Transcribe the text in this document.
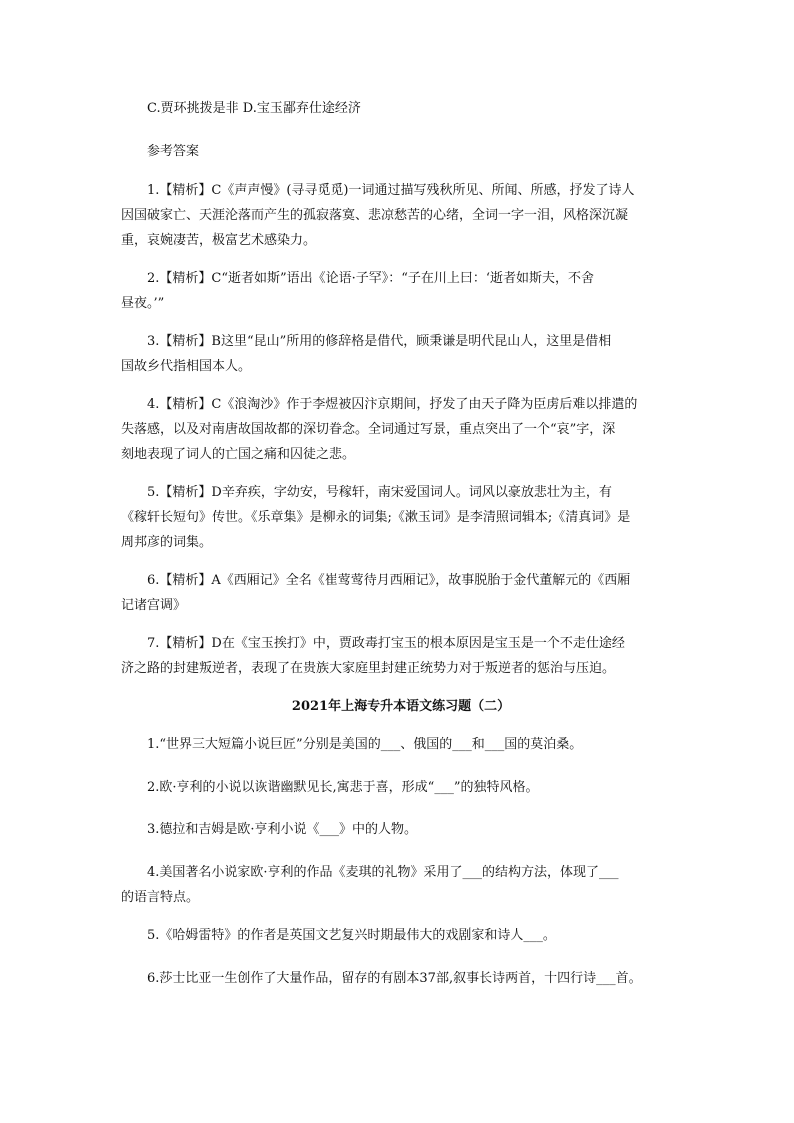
C.贾环挑拨是非 D.宝玉鄙弃仕途经济
参考答案
1.【精析】C《声声慢》(寻寻觅觅)一词通过描写残秋所见、所闻、所感，抒发了诗人
因国破家亡、天涯沦落而产生的孤寂落寞、悲凉愁苦的心绪，全词一字一泪，风格深沉凝
重，哀婉凄苦，极富艺术感染力。
2.【精析】C“逝者如斯”语出《论语·子罕》：“子在川上曰：‘逝者如斯夫，不舍
昼夜。’”
3.【精析】B这里“昆山”所用的修辞格是借代，顾秉谦是明代昆山人，这里是借相
国故乡代指相国本人。
4.【精析】C《浪淘沙》作于李煜被囚汴京期间，抒发了由天子降为臣虏后难以排遣的
失落感，以及对南唐故国故都的深切眷念。全词通过写景，重点突出了一个“哀”字，深
刻地表现了词人的亡国之痛和囚徒之悲。
5.【精析】D辛弃疾，字幼安，号稼轩，南宋爱国词人。词风以豪放悲壮为主，有
《稼轩长短句》传世。《乐章集》是柳永的词集;《漱玉词》是李清照词辑本;《清真词》是
周邦彦的词集。
6.【精析】A《西厢记》全名《崔莺莺待月西厢记》，故事脱胎于金代董解元的《西厢
记诸宫调》
7.【精析】D在《宝玉挨打》中，贾政毒打宝玉的根本原因是宝玉是一个不走仕途经
济之路的封建叛逆者，表现了在贵族大家庭里封建正统势力对于叛逆者的惩治与压迫。
2021年上海专升本语文练习题（二）
1.“世界三大短篇小说巨匠”分别是美国的___、俄国的___和___国的莫泊桑。
2.欧·亨利的小说以诙谐幽默见长,寓悲于喜，形成“___”的独特风格。
3.德拉和吉姆是欧·亨利小说《___》中的人物。
4.美国著名小说家欧·亨利的作品《麦琪的礼物》采用了___的结构方法，体现了___
的语言特点。
5.《哈姆雷特》的作者是英国文艺复兴时期最伟大的戏剧家和诗人___。
6.莎士比亚一生创作了大量作品，留存的有剧本37部,叙事长诗两首，十四行诗___首。
